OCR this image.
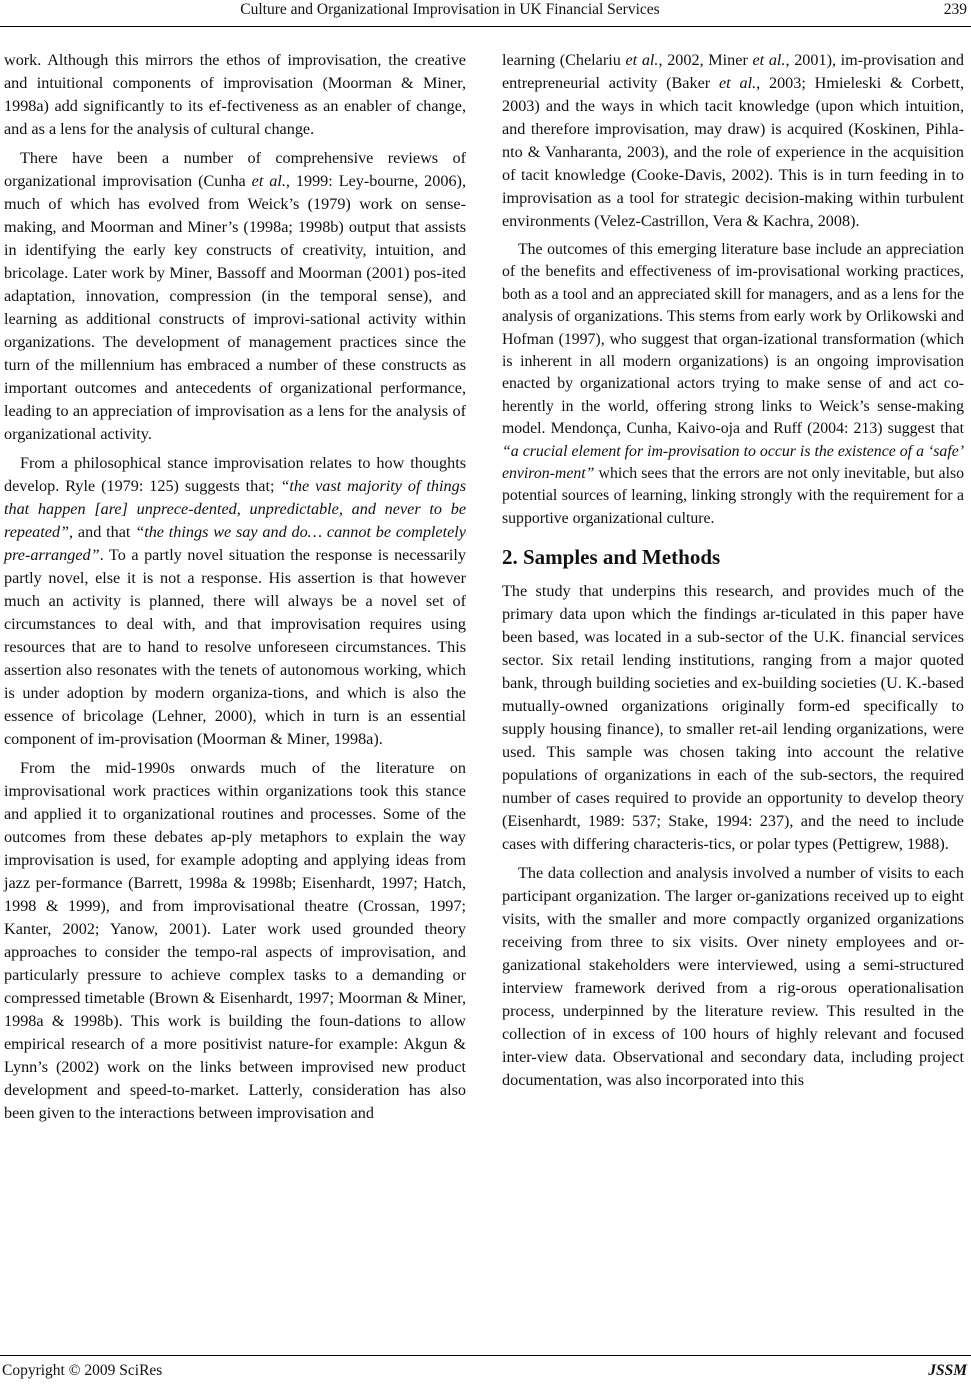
Culture and Organizational Improvisation in UK Financial Services	239

work. Although this mirrors the ethos of improvisation, the creative and intuitional components of improvisation (Moorman & Miner, 1998a) add significantly to its ef-fectiveness as an enabler of change, and as a lens for the analysis of cultural change.

There have been a number of comprehensive reviews of organizational improvisation (Cunha et al., 1999: Ley-bourne, 2006), much of which has evolved from Weick’s (1979) work on sense-making, and Moorman and Miner’s (1998a; 1998b) output that assists in identifying the early key constructs of creativity, intuition, and bricolage. Later work by Miner, Bassoff and Moorman (2001) pos-ited adaptation, innovation, compression (in the temporal sense), and learning as additional constructs of improvi-sational activity within organizations. The development of management practices since the turn of the millennium has embraced a number of these constructs as important outcomes and antecedents of organizational performance, leading to an appreciation of improvisation as a lens for the analysis of organizational activity.

From a philosophical stance improvisation relates to how thoughts develop. Ryle (1979: 125) suggests that; “the vast majority of things that happen [are] unprece-dented, unpredictable, and never to be repeated”, and that “the things we say and do… cannot be completely pre-arranged”. To a partly novel situation the response is necessarily partly novel, else it is not a response. His assertion is that however much an activity is planned, there will always be a novel set of circumstances to deal with, and that improvisation requires using resources that are to hand to resolve unforeseen circumstances. This assertion also resonates with the tenets of autonomous working, which is under adoption by modern organiza-tions, and which is also the essence of bricolage (Lehner, 2000), which in turn is an essential component of im-provisation (Moorman & Miner, 1998a).

From the mid-1990s onwards much of the literature on improvisational work practices within organizations took this stance and applied it to organizational routines and processes. Some of the outcomes from these debates ap-ply metaphors to explain the way improvisation is used, for example adopting and applying ideas from jazz per-formance (Barrett, 1998a & 1998b; Eisenhardt, 1997; Hatch, 1998 & 1999), and from improvisational theatre (Crossan, 1997; Kanter, 2002; Yanow, 2001). Later work used grounded theory approaches to consider the tempo-ral aspects of improvisation, and particularly pressure to achieve complex tasks to a demanding or compressed timetable (Brown & Eisenhardt, 1997; Moorman & Miner, 1998a & 1998b). This work is building the foun-dations to allow empirical research of a more positivist nature-for example: Akgun & Lynn’s (2002) work on the links between improvised new product development and speed-to-market. Latterly, consideration has also been given to the interactions between improvisation and

learning (Chelariu et al., 2002, Miner et al., 2001), im-provisation and entrepreneurial activity (Baker et al., 2003; Hmieleski & Corbett, 2003) and the ways in which tacit knowledge (upon which intuition, and therefore improvisation, may draw) is acquired (Koskinen, Pihla-nto & Vanharanta, 2003), and the role of experience in the acquisition of tacit knowledge (Cooke-Davis, 2002). This is in turn feeding in to improvisation as a tool for strategic decision-making within turbulent environments (Velez-Castrillon, Vera & Kachra, 2008).

The outcomes of this emerging literature base include an appreciation of the benefits and effectiveness of im-provisational working practices, both as a tool and an appreciated skill for managers, and as a lens for the analysis of organizations. This stems from early work by Orlikowski and Hofman (1997), who suggest that organ-izational transformation (which is inherent in all modern organizations) is an ongoing improvisation enacted by organizational actors trying to make sense of and act co-herently in the world, offering strong links to Weick’s sense-making model. Mendonça, Cunha, Kaivo-oja and Ruff (2004: 213) suggest that “a crucial element for im-provisation to occur is the existence of a ‘safe’ environ-ment” which sees that the errors are not only inevitable, but also potential sources of learning, linking strongly with the requirement for a supportive organizational culture.

2. Samples and Methods

The study that underpins this research, and provides much of the primary data upon which the findings ar-ticulated in this paper have been based, was located in a sub-sector of the U.K. financial services sector. Six retail lending institutions, ranging from a major quoted bank, through building societies and ex-building societies (U. K.-based mutually-owned organizations originally form-ed specifically to supply housing finance), to smaller ret-ail lending organizations, were used. This sample was chosen taking into account the relative populations of organizations in each of the sub-sectors, the required number of cases required to provide an opportunity to develop theory (Eisenhardt, 1989: 537; Stake, 1994: 237), and the need to include cases with differing characteris-tics, or polar types (Pettigrew, 1988).

The data collection and analysis involved a number of visits to each participant organization. The larger or-ganizations received up to eight visits, with the smaller and more compactly organized organizations receiving from three to six visits. Over ninety employees and or-ganizational stakeholders were interviewed, using a semi-structured interview framework derived from a rig-orous operationalisation process, underpinned by the literature review. This resulted in the collection of in excess of 100 hours of highly relevant and focused inter-view data. Observational and secondary data, including project documentation, was also incorporated into this

Copyright © 2009 SciRes	JSSM
